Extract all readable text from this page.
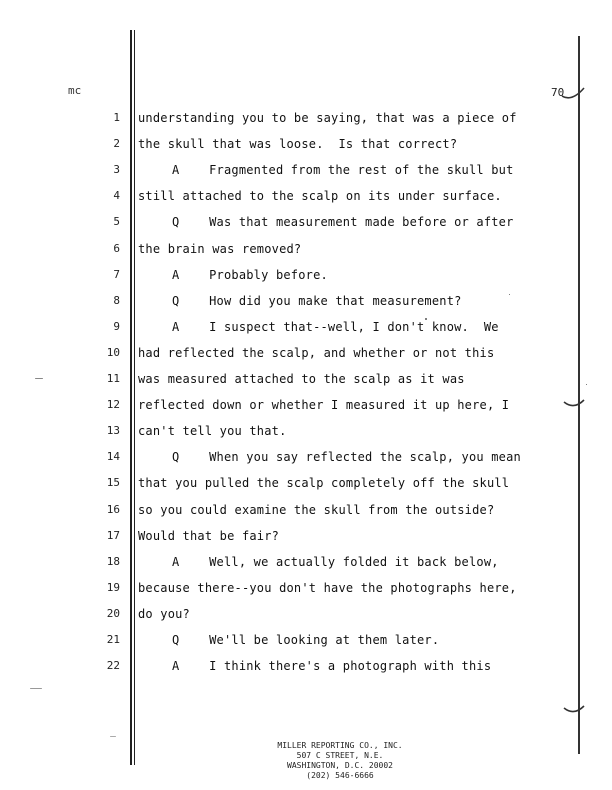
mc	70
1 understanding you to be saying, that was a piece of
2 the skull that was loose.  Is that correct?
3	A    Fragmented from the rest of the skull but
4 still attached to the scalp on its under surface.
5	Q    Was that measurement made before or after
6 the brain was removed?
7	A    Probably before.
8	Q    How did you make that measurement?
9	A    I suspect that--well, I don't know.  We
10 had reflected the scalp, and whether or not this
11 was measured attached to the scalp as it was
12 reflected down or whether I measured it up here, I
13 can't tell you that.
14	Q    When you say reflected the scalp, you mean
15 that you pulled the scalp completely off the skull
16 so you could examine the skull from the outside?
17 Would that be fair?
18	A    Well, we actually folded it back below,
19 because there--you don't have the photographs here,
20 do you?
21	Q    We'll be looking at them later.
22	A    I think there's a photograph with this
MILLER REPORTING CO., INC.
507 C STREET, N.E.
WASHINGTON, D.C. 20002
(202) 546-6666
